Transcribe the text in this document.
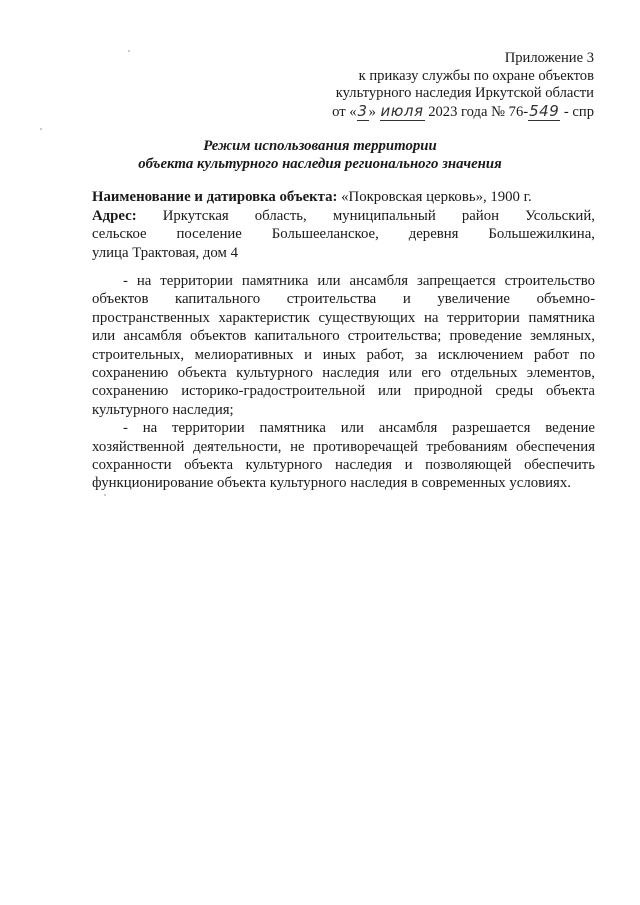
Приложение 3
к приказу службы по охране объектов
культурного наследия Иркутской области
от «3» июля 2023 года № 76-549 - спр
Режим использования территории
объекта культурного наследия регионального значения
Наименование и датировка объекта: «Покровская церковь», 1900 г.
Адрес: Иркутская область, муниципальный район Усольский,
сельское поселение Большееланское, деревня Большежилкина,
улица Трактовая, дом 4
- на территории памятника или ансамбля запрещается строительство
объектов капитального строительства и увеличение объемно-
пространственных характеристик существующих на территории памятника
или ансамбля объектов капитального строительства; проведение земляных,
строительных, мелиоративных и иных работ, за исключением работ по
сохранению объекта культурного наследия или его отдельных элементов,
сохранению историко-градостроительной или природной среды объекта
культурного наследия;
- на территории памятника или ансамбля разрешается ведение
хозяйственной деятельности, не противоречащей требованиям обеспечения
сохранности объекта культурного наследия и позволяющей обеспечить
функционирование объекта культурного наследия в современных условиях.
